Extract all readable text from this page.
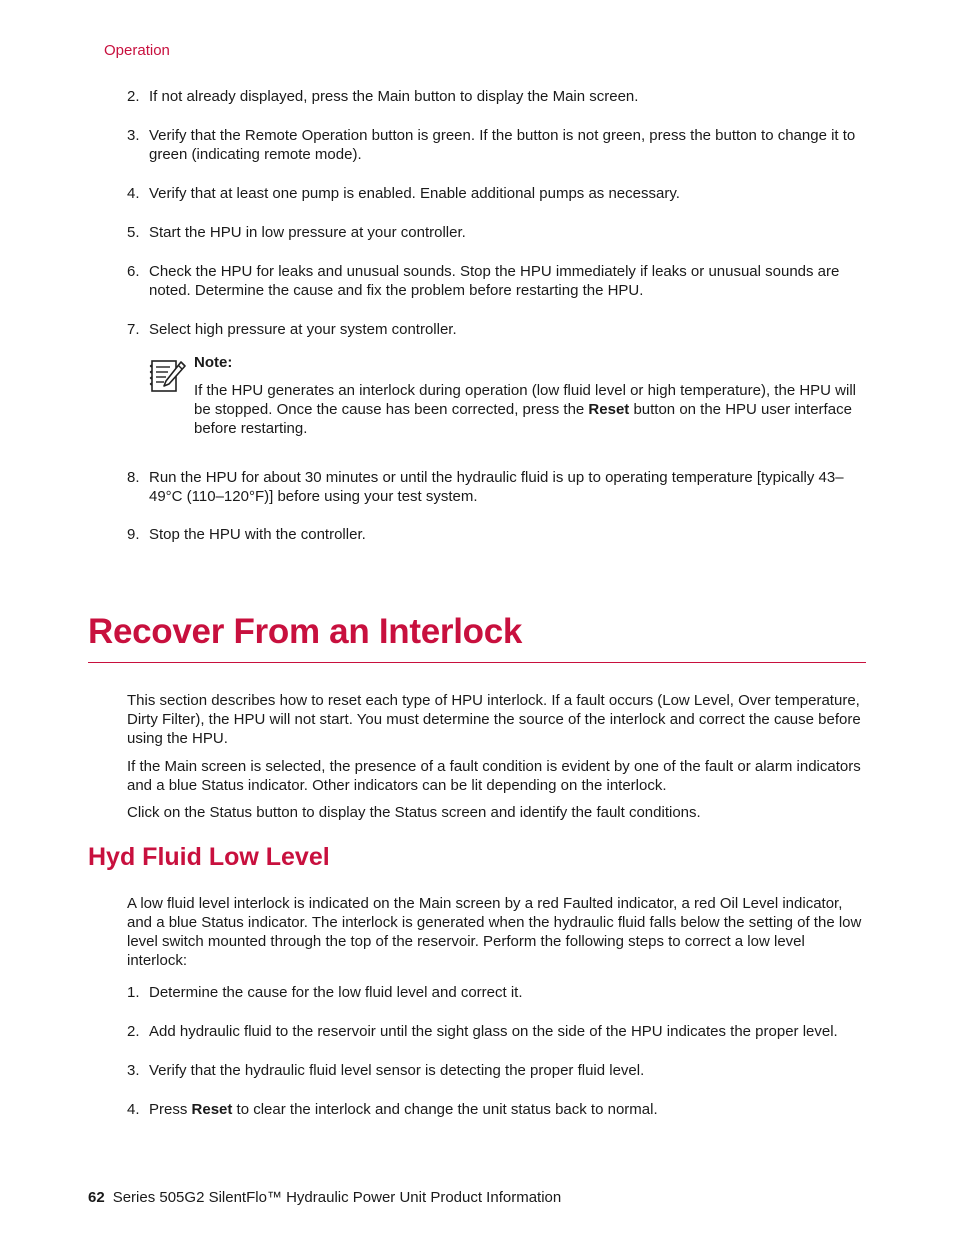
Operation
2. If not already displayed, press the Main button to display the Main screen.
3. Verify that the Remote Operation button is green. If the button is not green, press the button to change it to green (indicating remote mode).
4. Verify that at least one pump is enabled. Enable additional pumps as necessary.
5. Start the HPU in low pressure at your controller.
6. Check the HPU for leaks and unusual sounds. Stop the HPU immediately if leaks or unusual sounds are noted. Determine the cause and fix the problem before restarting the HPU.
7. Select high pressure at your system controller.
Note:
If the HPU generates an interlock during operation (low fluid level or high temperature), the HPU will be stopped. Once the cause has been corrected, press the Reset button on the HPU user interface before restarting.
8. Run the HPU for about 30 minutes or until the hydraulic fluid is up to operating temperature [typically 43–49°C (110–120°F)] before using your test system.
9. Stop the HPU with the controller.
Recover From an Interlock
This section describes how to reset each type of HPU interlock. If a fault occurs (Low Level, Over temperature, Dirty Filter), the HPU will not start. You must determine the source of the interlock and correct the cause before using the HPU.
If the Main screen is selected, the presence of a fault condition is evident by one of the fault or alarm indicators and a blue Status indicator. Other indicators can be lit depending on the interlock.
Click on the Status button to display the Status screen and identify the fault conditions.
Hyd Fluid Low Level
A low fluid level interlock is indicated on the Main screen by a red Faulted indicator, a red Oil Level indicator, and a blue Status indicator. The interlock is generated when the hydraulic fluid falls below the setting of the low level switch mounted through the top of the reservoir. Perform the following steps to correct a low level interlock:
1. Determine the cause for the low fluid level and correct it.
2. Add hydraulic fluid to the reservoir until the sight glass on the side of the HPU indicates the proper level.
3. Verify that the hydraulic fluid level sensor is detecting the proper fluid level.
4. Press Reset to clear the interlock and change the unit status back to normal.
62 Series 505G2 SilentFlo™ Hydraulic Power Unit Product Information
